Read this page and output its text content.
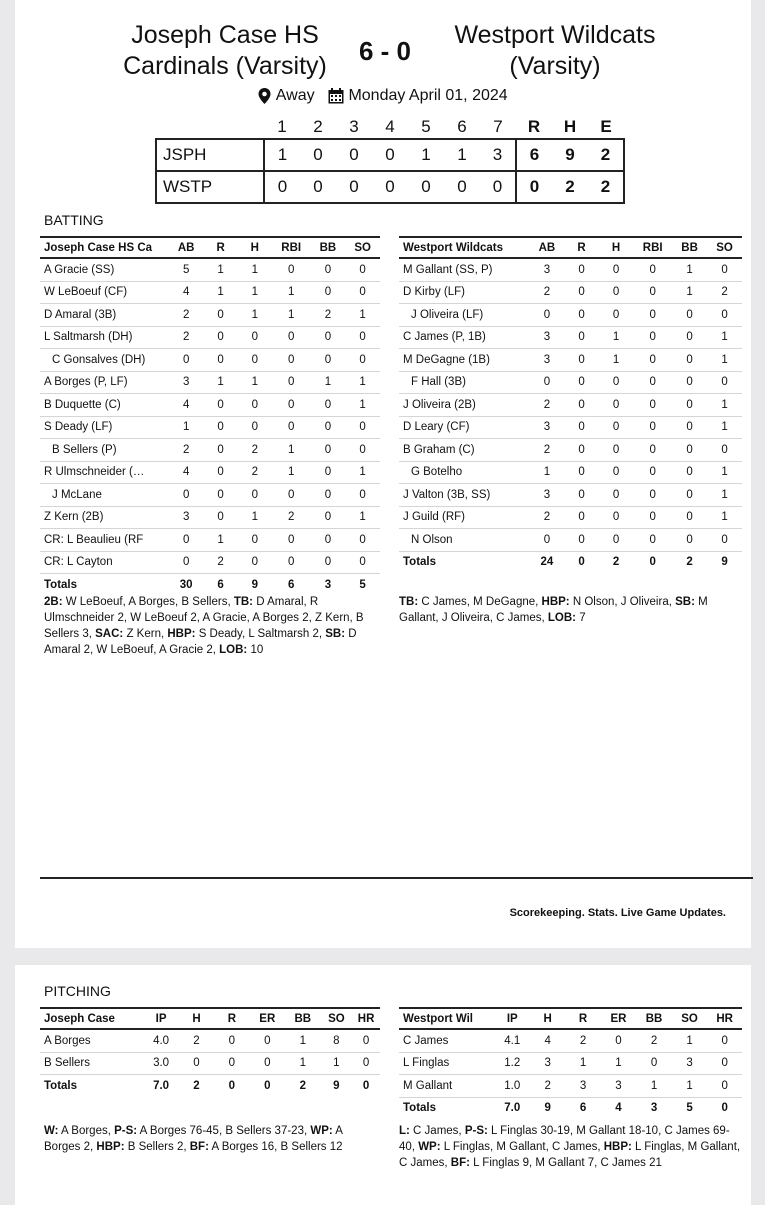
Joseph Case HS Cardinals (Varsity)	6 - 0
Westport Wildcats (Varsity)
Away Monday April 01, 2024
	1	2	3	4	5	6	7	R	H	E
JSPH	1	0	0	0	1	1	3	6	9	2
WSTP	0	0	0	0	0	0	0	0	2	2
BATTING
Joseph Case HS Ca	AB	R	H	RBI	BB	SO
A Gracie (SS)	5	1	1	0	0	0
W LeBoeuf (CF)	4	1	1	1	0	0
D Amaral (3B)	2	0	1	1	2	1
L Saltmarsh (DH)	2	0	0	0	0	0
C Gonsalves (DH)	0	0	0	0	0	0
A Borges (P, LF)	3	1	1	0	1	1
B Duquette (C)	4	0	0	0	0	1
S Deady (LF)	1	0	0	0	0	0
B Sellers (P)	2	0	2	1	0	0
R Ulmschneider (…	4	0	2	1	0	1
J McLane	0	0	0	0	0	0
Z Kern (2B)	3	0	1	2	0	1
CR: L Beaulieu (RF	0	1	0	0	0	0
CR: L Cayton	0	2	0	0	0	0
Totals	30	6	9	6	3	5
Westport Wildcats	AB	R	H	RBI	BB	SO
M Gallant (SS, P)	3	0	0	0	1	0
D Kirby (LF)	2	0	0	0	1	2
J Oliveira (LF)	0	0	0	0	0	0
C James (P, 1B)	3	0	1	0	0	1
M DeGagne (1B)	3	0	1	0	0	1
F Hall (3B)	0	0	0	0	0	0
J Oliveira (2B)	2	0	0	0	0	1
D Leary (CF)	3	0	0	0	0	1
B Graham (C)	2	0	0	0	0	0
G Botelho	1	0	0	0	0	1
J Valton (3B, SS)	3	0	0	0	0	1
J Guild (RF)	2	0	0	0	0	1
N Olson	0	0	0	0	0	0
Totals	24	0	2	0	2	9
2B: W LeBoeuf, A Borges, B Sellers, TB: D Amaral, R Ulmschneider 2, W LeBoeuf 2, A Gracie, A Borges 2, Z Kern, B Sellers 3, SAC: Z Kern, HBP: S Deady, L Saltmarsh 2, SB: D Amaral 2, W LeBoeuf, A Gracie 2, LOB: 10
TB: C James, M DeGagne, HBP: N Olson, J Oliveira, SB: M Gallant, J Oliveira, C James, LOB: 7
Scorekeeping. Stats. Live Game Updates.
PITCHING
Joseph Case	IP	H	R	ER	BB	SO	HR
A Borges	4.0	2	0	0	1	8	0
B Sellers	3.0	0	0	0	1	1	0
Totals	7.0	2	0	0	2	9	0
Westport Wil	IP	H	R	ER	BB	SO	HR
C James	4.1	4	2	0	2	1	0
L Finglas	1.2	3	1	1	0	3	0
M Gallant	1.0	2	3	3	1	1	0
Totals	7.0	9	6	4	3	5	0
W: A Borges, P-S: A Borges 76-45, B Sellers 37-23, WP: A Borges 2, HBP: B Sellers 2, BF: A Borges 16, B Sellers 12
L: C James, P-S: L Finglas 30-19, M Gallant 18-10, C James 69-40, WP: L Finglas, M Gallant, C James, HBP: L Finglas, M Gallant, C James, BF: L Finglas 9, M Gallant 7, C James 21
